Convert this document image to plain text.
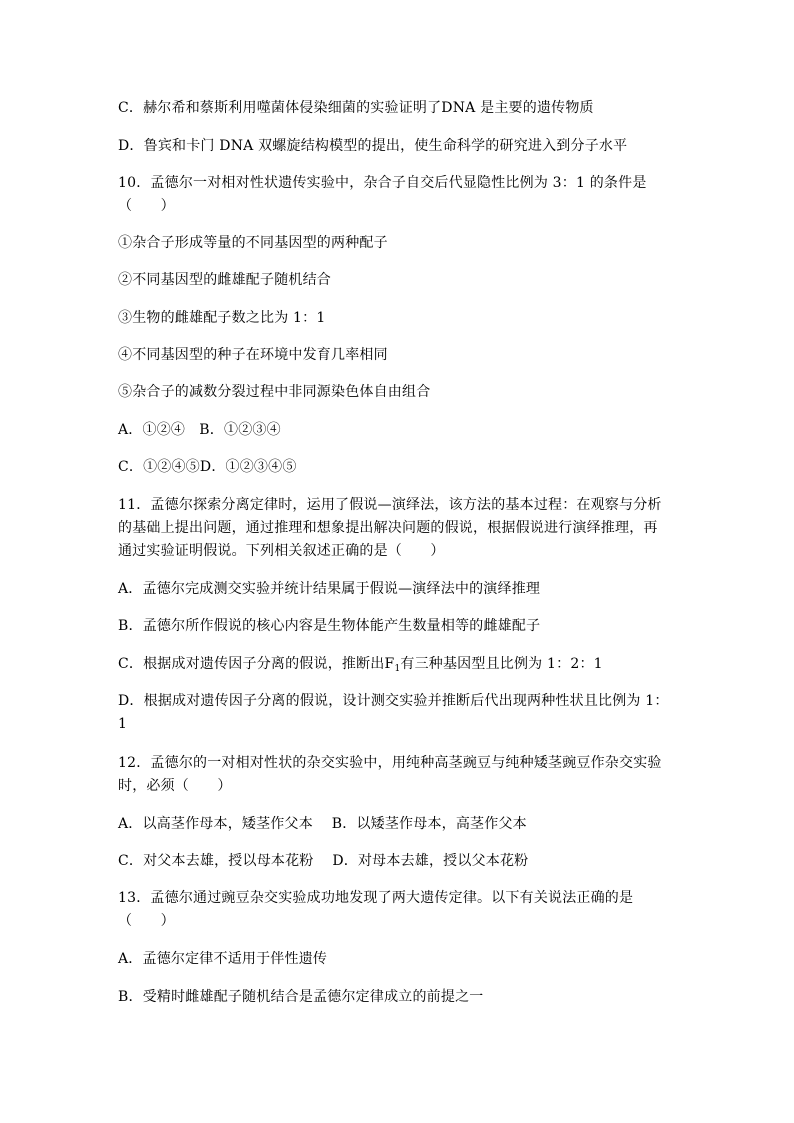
C．赫尔希和蔡斯利用噬菌体侵染细菌的实验证明了DNA 是主要的遗传物质
D．鲁宾和卡门 DNA 双螺旋结构模型的提出，使生命科学的研究进入到分子水平
10．孟德尔一对相对性状遗传实验中，杂合子自交后代显隐性比例为 3：1 的条件是
（　　）
①杂合子形成等量的不同基因型的两种配子
②不同基因型的雌雄配子随机结合
③生物的雌雄配子数之比为 1：1
④不同基因型的种子在环境中发育几率相同
⑤杂合子的减数分裂过程中非同源染色体自由组合
A．①②④　B．①②③④
C．①②④⑤D．①②③④⑤
11．孟德尔探索分离定律时，运用了假说—演绎法，该方法的基本过程：在观察与分析
的基础上提出问题，通过推理和想象提出解决问题的假说，根据假说进行演绎推理，再
通过实验证明假说。下列相关叙述正确的是（　　）
A．孟德尔完成测交实验并统计结果属于假说—演绎法中的演绎推理
B．孟德尔所作假说的核心内容是生物体能产生数量相等的雌雄配子
C．根据成对遗传因子分离的假说，推断出$F_1$有三种基因型且比例为 1：2：1
D．根据成对遗传因子分离的假说，设计测交实验并推断后代出现两种性状且比例为 1：
1
12．孟德尔的一对相对性状的杂交实验中，用纯种高茎豌豆与纯种矮茎豌豆作杂交实验
时，必须（　　）
A．以高茎作母本，矮茎作父本　 B．以矮茎作母本，高茎作父本
C．对父本去雄，授以母本花粉　 D．对母本去雄，授以父本花粉
13．孟德尔通过豌豆杂交实验成功地发现了两大遗传定律。以下有关说法正确的是
（　　）
A．孟德尔定律不适用于伴性遗传
B．受精时雌雄配子随机结合是孟德尔定律成立的前提之一
